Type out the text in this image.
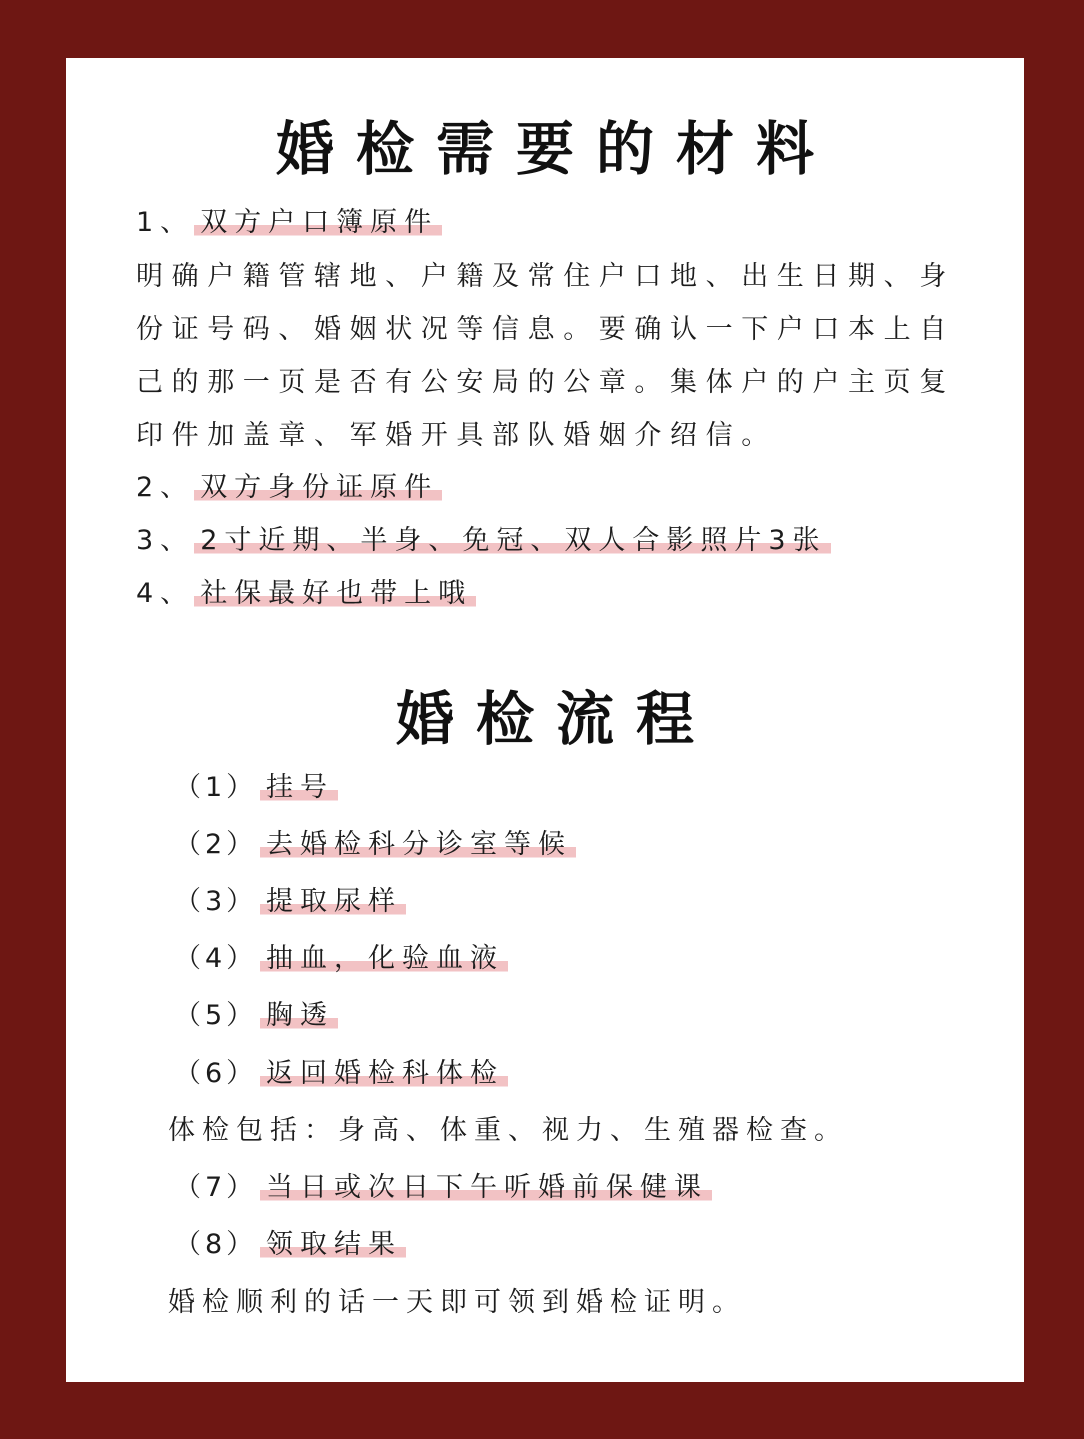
婚检需要的材料
1、 双方户口簿原件

明确户籍管辖地、户籍及常住户口地、出生日期、身份证号码、婚姻状况等信息。要确认一下户口本上自己的那一页是否有公安局的公章。集体户的户主页复印件加盖章、军婚开具部队婚姻介绍信。

2、 双方身份证原件
3、 2寸近期、半身、免冠、双人合影照片3张
4、 社保最好也带上哦
婚检流程
（1） 挂号
（2） 去婚检科分诊室等候
（3） 提取尿样
（4） 抽血，化验血液
（5） 胸透
（6） 返回婚检科体检
体检包括：身高、体重、视力、生殖器检查。
（7） 当日或次日下午听婚前保健课
（8） 领取结果
婚检顺利的话一天即可领到婚检证明。
